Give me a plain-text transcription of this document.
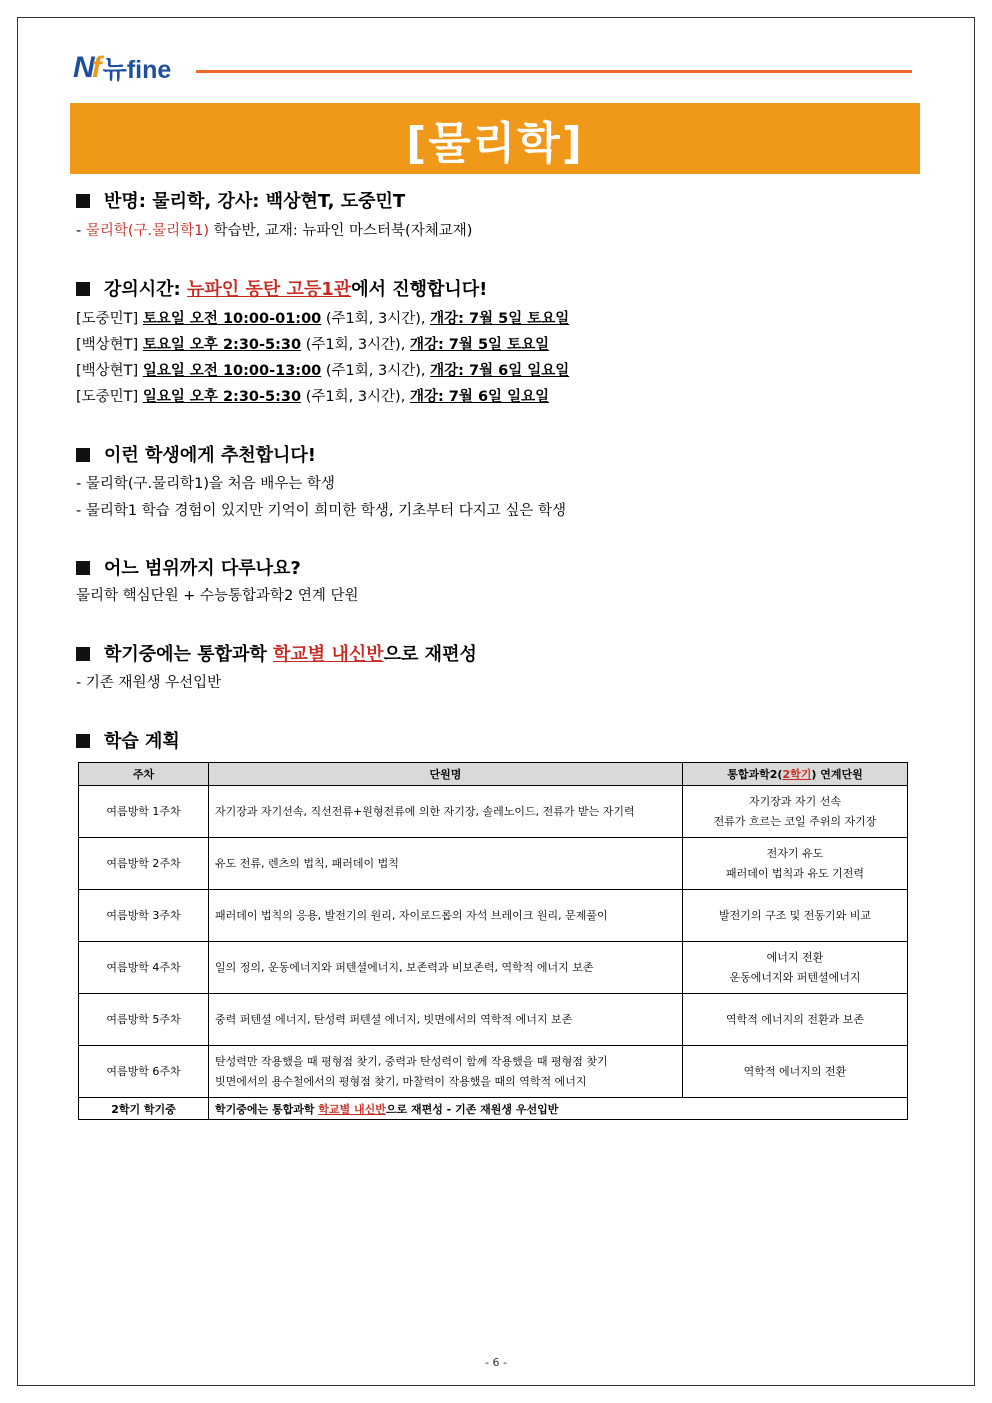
Nf 뉴fine
[물리학]
반명: 물리학, 강사: 백상현T, 도중민T
- 물리학(구.물리학1) 학습반, 교재: 뉴파인 마스터북(자체교재)
강의시간: 뉴파인 동탄 고등1관에서 진행합니다!
[도중민T] 토요일 오전 10:00-01:00 (주1회, 3시간), 개강: 7월 5일 토요일
[백상현T] 토요일 오후 2:30-5:30 (주1회, 3시간), 개강: 7월 5일 토요일
[백상현T] 일요일 오전 10:00-13:00 (주1회, 3시간), 개강: 7월 6일 일요일
[도중민T] 일요일 오후 2:30-5:30 (주1회, 3시간), 개강: 7월 6일 일요일
이런 학생에게 추천합니다!
- 물리학(구.물리학1)을 처음 배우는 학생
- 물리학1 학습 경험이 있지만 기억이 희미한 학생, 기초부터 다지고 싶은 학생
어느 범위까지 다루나요?
물리학 핵심단원 + 수능통합과학2 연계 단원
학기중에는 통합과학 학교별 내신반으로 재편성
- 기존 재원생 우선입반
학습 계획
주차	단원명	통합과학2(2학기) 연계단원
여름방학 1주차	자기장과 자기선속, 직선전류+원형전류에 의한 자기장, 솔레노이드, 전류가 받는 자기력	자기장과 자기 선속
전류가 흐르는 코일 주위의 자기장

여름방학 2주차	유도 전류, 렌츠의 법칙, 패러데이 법칙	전자기 유도
패러데이 법칙과 유도 기전력

여름방학 3주차	패러데이 법칙의 응용, 발전기의 원리, 자이로드롭의 자석 브레이크 원리, 문제풀이	발전기의 구조 및 전동기와 비교

여름방학 4주차	일의 정의, 운동에너지와 퍼텐셜에너지, 보존력과 비보존력, 역학적 에너지 보존	에너지 전환
운동에너지와 퍼텐셜에너지

여름방학 5주차	중력 퍼텐셜 에너지, 탄성력 퍼텐셜 에너지, 빗면에서의 역학적 에너지 보존	역학적 에너지의 전환과 보존

여름방학 6주차	탄성력만 작용했을 때 평형점 찾기, 중력과 탄성력이 함께 작용했을 때 평형점 찾기
빗면에서의 용수철에서의 평형점 찾기, 마찰력이 작용했을 때의 역학적 에너지	역학적 에너지의 전환

2학기 학기중	학기중에는 통합과학 학교별 내신반으로 재편성 - 기존 재원생 우선입반	
- 6 -
